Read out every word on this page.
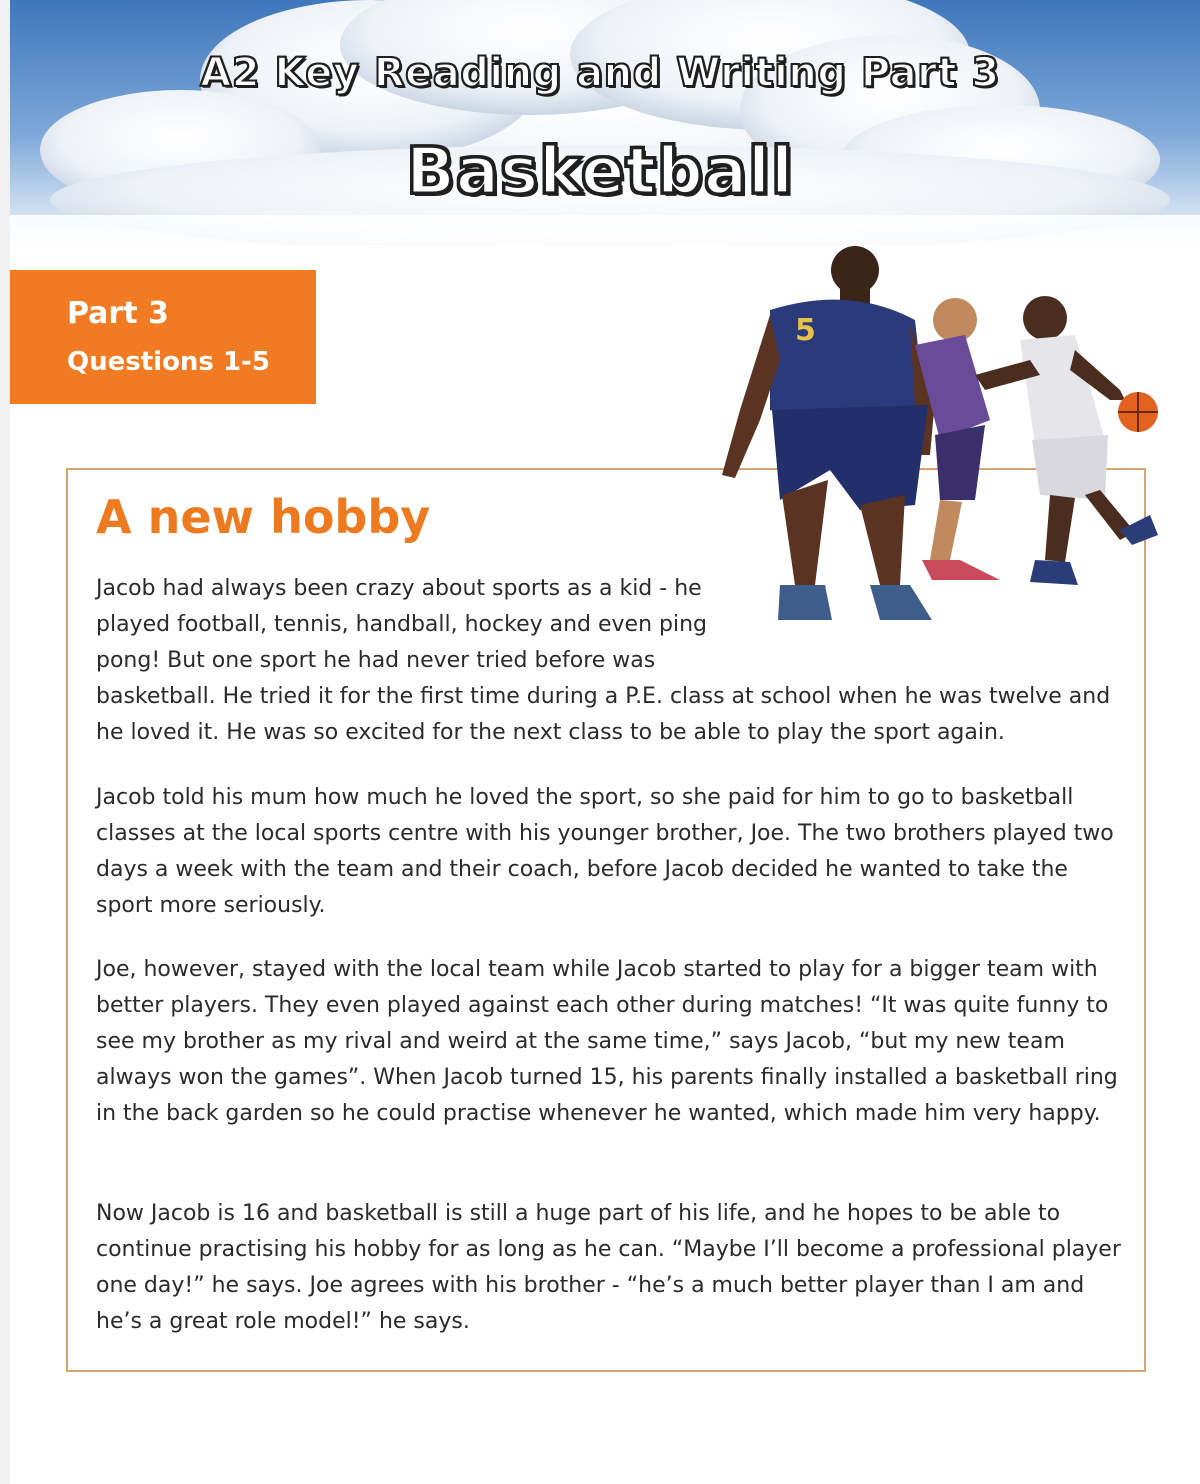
A2 Key Reading and Writing Part 3
Basketball
Part 3
Questions 1-5
A new hobby
Jacob had always been crazy about sports as a kid - he played football, tennis, handball, hockey and even ping pong! But one sport he had never tried before was basketball. He tried it for the first time during a P.E. class at school when he was twelve and he loved it. He was so excited for the next class to be able to play the sport again.
Jacob told his mum how much he loved the sport, so she paid for him to go to basketball classes at the local sports centre with his younger brother, Joe. The two brothers played two days a week with the team and their coach, before Jacob decided he wanted to take the sport more seriously.
Joe, however, stayed with the local team while Jacob started to play for a bigger team with better players. They even played against each other during matches! “It was quite funny to see my brother as my rival and weird at the same time,” says Jacob, “but my new team always won the games”. When Jacob turned 15, his parents finally installed a basketball ring in the back garden so he could practise whenever he wanted, which made him very happy.
Now Jacob is 16 and basketball is still a huge part of his life, and he hopes to be able to continue practising his hobby for as long as he can. “Maybe I’ll become a professional player one day!” he says. Joe agrees with his brother - “he’s a much better player than I am and he’s a great role model!” he says.
5
